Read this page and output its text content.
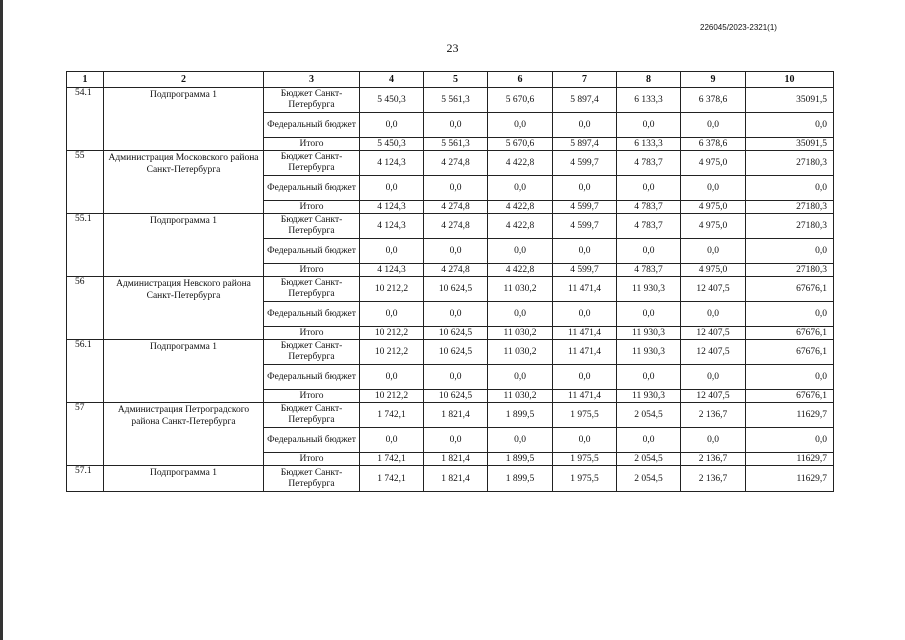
226045/2023-2321(1)
23
1	2	3	4	5	6	7	8	9	10
54.1	Подпрограмма 1	Бюджет Санкт-Петербурга	5 450,3	5 561,3	5 670,6	5 897,4	6 133,3	6 378,6	35091,5
		Федеральный бюджет	0,0	0,0	0,0	0,0	0,0	0,0	0,0
		Итого	5 450,3	5 561,3	5 670,6	5 897,4	6 133,3	6 378,6	35091,5
55	Администрация Московского района Санкт-Петербурга	Бюджет Санкт-Петербурга	4 124,3	4 274,8	4 422,8	4 599,7	4 783,7	4 975,0	27180,3
		Федеральный бюджет	0,0	0,0	0,0	0,0	0,0	0,0	0,0
		Итого	4 124,3	4 274,8	4 422,8	4 599,7	4 783,7	4 975,0	27180,3
55.1	Подпрограмма 1	Бюджет Санкт-Петербурга	4 124,3	4 274,8	4 422,8	4 599,7	4 783,7	4 975,0	27180,3
		Федеральный бюджет	0,0	0,0	0,0	0,0	0,0	0,0	0,0
		Итого	4 124,3	4 274,8	4 422,8	4 599,7	4 783,7	4 975,0	27180,3
56	Администрация Невского района Санкт-Петербурга	Бюджет Санкт-Петербурга	10 212,2	10 624,5	11 030,2	11 471,4	11 930,3	12 407,5	67676,1
		Федеральный бюджет	0,0	0,0	0,0	0,0	0,0	0,0	0,0
		Итого	10 212,2	10 624,5	11 030,2	11 471,4	11 930,3	12 407,5	67676,1
56.1	Подпрограмма 1	Бюджет Санкт-Петербурга	10 212,2	10 624,5	11 030,2	11 471,4	11 930,3	12 407,5	67676,1
		Федеральный бюджет	0,0	0,0	0,0	0,0	0,0	0,0	0,0
		Итого	10 212,2	10 624,5	11 030,2	11 471,4	11 930,3	12 407,5	67676,1
57	Администрация Петроградского района Санкт-Петербурга	Бюджет Санкт-Петербурга	1 742,1	1 821,4	1 899,5	1 975,5	2 054,5	2 136,7	11629,7
		Федеральный бюджет	0,0	0,0	0,0	0,0	0,0	0,0	0,0
		Итого	1 742,1	1 821,4	1 899,5	1 975,5	2 054,5	2 136,7	11629,7
57.1	Подпрограмма 1	Бюджет Санкт-Петербурга	1 742,1	1 821,4	1 899,5	1 975,5	2 054,5	2 136,7	11629,7
